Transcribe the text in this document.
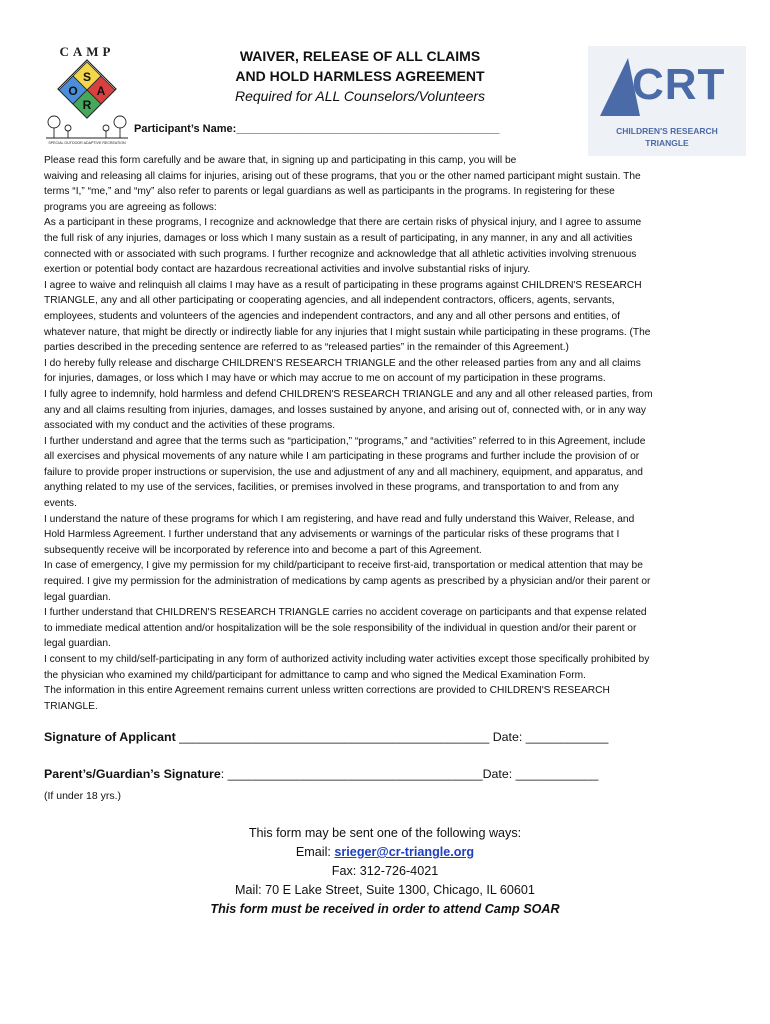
CAMP
S
O A
R
SPECIAL OUTDOOR ADAPTIVE RECREATION
CRT
CHILDREN'S RESEARCH
TRIANGLE

WAIVER, RELEASE OF ALL CLAIMS

AND HOLD HARMLESS AGREEMENT

Required for ALL Counselors/Volunteers

Participant’s Name:___________________________________________

Please read this form carefully and be aware that, in signing up and participating in this camp, you will be

waiving and releasing all claims for injuries, arising out of these programs, that you or the other named participant might sustain. The

terms “I,” “me,” and “my” also refer to parents or legal guardians as well as participants in the programs. In registering for these

programs you are agreeing as follows:

As a participant in these programs, I recognize and acknowledge that there are certain risks of physical injury, and I agree to assume

the full risk of any injuries, damages or loss which I many sustain as a result of participating, in any manner, in any and all activities

connected with or associated with such programs. I further recognize and acknowledge that all athletic activities involving strenuous

exertion or potential body contact are hazardous recreational activities and involve substantial risks of injury.

I agree to waive and relinquish all claims I may have as a result of participating in these programs against CHILDREN'S RESEARCH

TRIANGLE, any and all other participating or cooperating agencies, and all independent contractors, officers, agents, servants,

employees, students and volunteers of the agencies and independent contractors, and any and all other persons and entities, of

whatever nature, that might be directly or indirectly liable for any injuries that I might sustain while participating in these programs. (The

parties described in the preceding sentence are referred to as “released parties” in the remainder of this Agreement.)

I do hereby fully release and discharge CHILDREN'S RESEARCH TRIANGLE and the other released parties from any and all claims

for injuries, damages, or loss which I may have or which may accrue to me on account of my participation in these programs.

I fully agree to indemnify, hold harmless and defend CHILDREN'S RESEARCH TRIANGLE and any and all other released parties, from

any and all claims resulting from injuries, damages, and losses sustained by anyone, and arising out of, connected with, or in any way

associated with my conduct and the activities of these programs.

I further understand and agree that the terms such as “participation,” “programs,” and “activities” referred to in this Agreement, include

all exercises and physical movements of any nature while I am participating in these programs and further include the provision of or

failure to provide proper instructions or supervision, the use and adjustment of any and all machinery, equipment, and apparatus, and

anything related to my use of the services, facilities, or premises involved in these programs, and transportation to and from any

events.

I understand the nature of these programs for which I am registering, and have read and fully understand this Waiver, Release, and

Hold Harmless Agreement. I further understand that any advisements or warnings of the particular risks of these programs that I

subsequently receive will be incorporated by reference into and become a part of this Agreement.

In case of emergency, I give my permission for my child/participant to receive first-aid, transportation or medical attention that may be

required. I give my permission for the administration of medications by camp agents as prescribed by a physician and/or their parent or

legal guardian.

I further understand that CHILDREN'S RESEARCH TRIANGLE carries no accident coverage on participants and that expense related

to immediate medical attention and/or hospitalization will be the sole responsibility of the individual in question and/or their parent or

legal guardian.

I consent to my child/self-participating in any form of authorized activity including water activities except those specifically prohibited by

the physician who examined my child/participant for admittance to camp and who signed the Medical Examination Form.

The information in this entire Agreement remains current unless written corrections are provided to CHILDREN'S RESEARCH

TRIANGLE.

Signature of Applicant _____________________________________________ Date: ____________
Parent’s/Guardian’s Signature: _____________________________________Date: ____________
(If under 18 yrs.)

This form may be sent one of the following ways:

Email: srieger@cr-triangle.org

Fax: 312-726-4021

Mail: 70 E Lake Street, Suite 1300, Chicago, IL 60601

This form must be received in order to attend Camp SOAR
